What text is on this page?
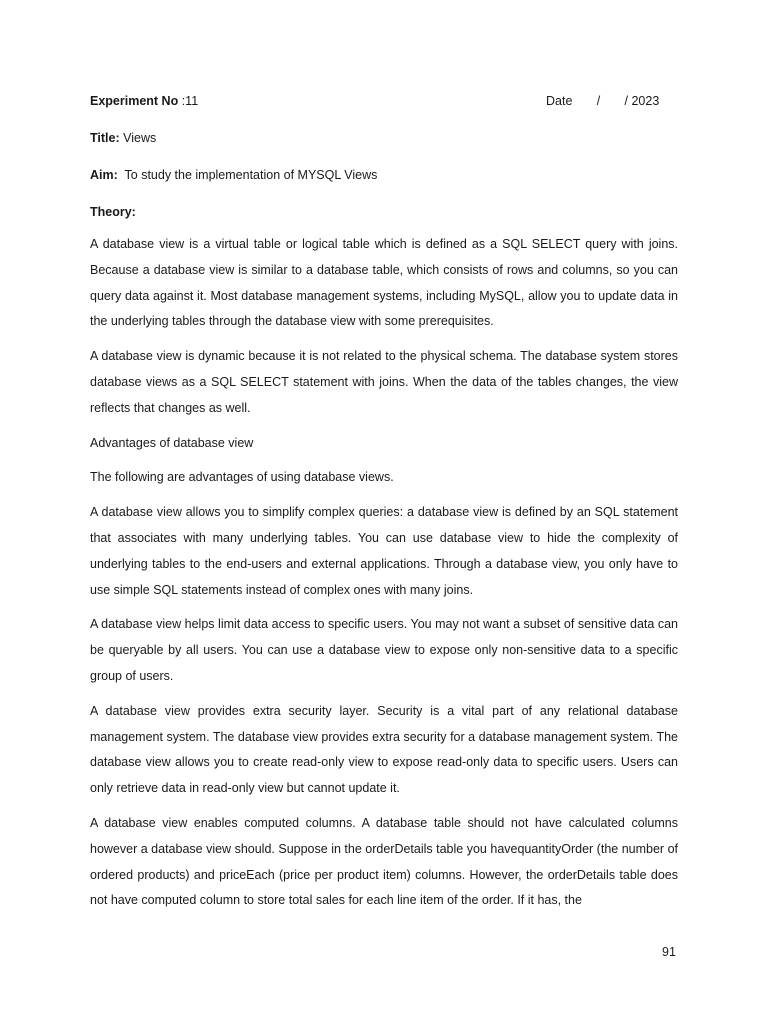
Experiment No :11	Date / / 2023
Title: Views
Aim: To study the implementation of MYSQL Views
Theory:

A database view is a virtual table or logical table which is defined as a SQL SELECT query with joins. Because a database view is similar to a database table, which consists of rows and columns, so you can query data against it. Most database management systems, including MySQL, allow you to update data in the underlying tables through the database view with some prerequisites.

A database view is dynamic because it is not related to the physical schema. The database system stores database views as a SQL SELECT statement with joins. When the data of the tables changes, the view reflects that changes as well.

Advantages of database view

The following are advantages of using database views.

A database view allows you to simplify complex queries: a database view is defined by an SQL statement that associates with many underlying tables. You can use database view to hide the complexity of underlying tables to the end-users and external applications. Through a database view, you only have to use simple SQL statements instead of complex ones with many joins.

A database view helps limit data access to specific users. You may not want a subset of sensitive data can be queryable by all users. You can use a database view to expose only non-sensitive data to a specific group of users.

A database view provides extra security layer. Security is a vital part of any relational database management system. The database view provides extra security for a database management system. The database view allows you to create read-only view to expose read-only data to specific users. Users can only retrieve data in read-only view but cannot update it.

A database view enables computed columns. A database table should not have calculated columns however a database view should. Suppose in the orderDetails table you havequantityOrder (the number of ordered products) and priceEach (price per product item) columns. However, the orderDetails table does not have computed column to store total sales for each line item of the order. If it has, the

91
